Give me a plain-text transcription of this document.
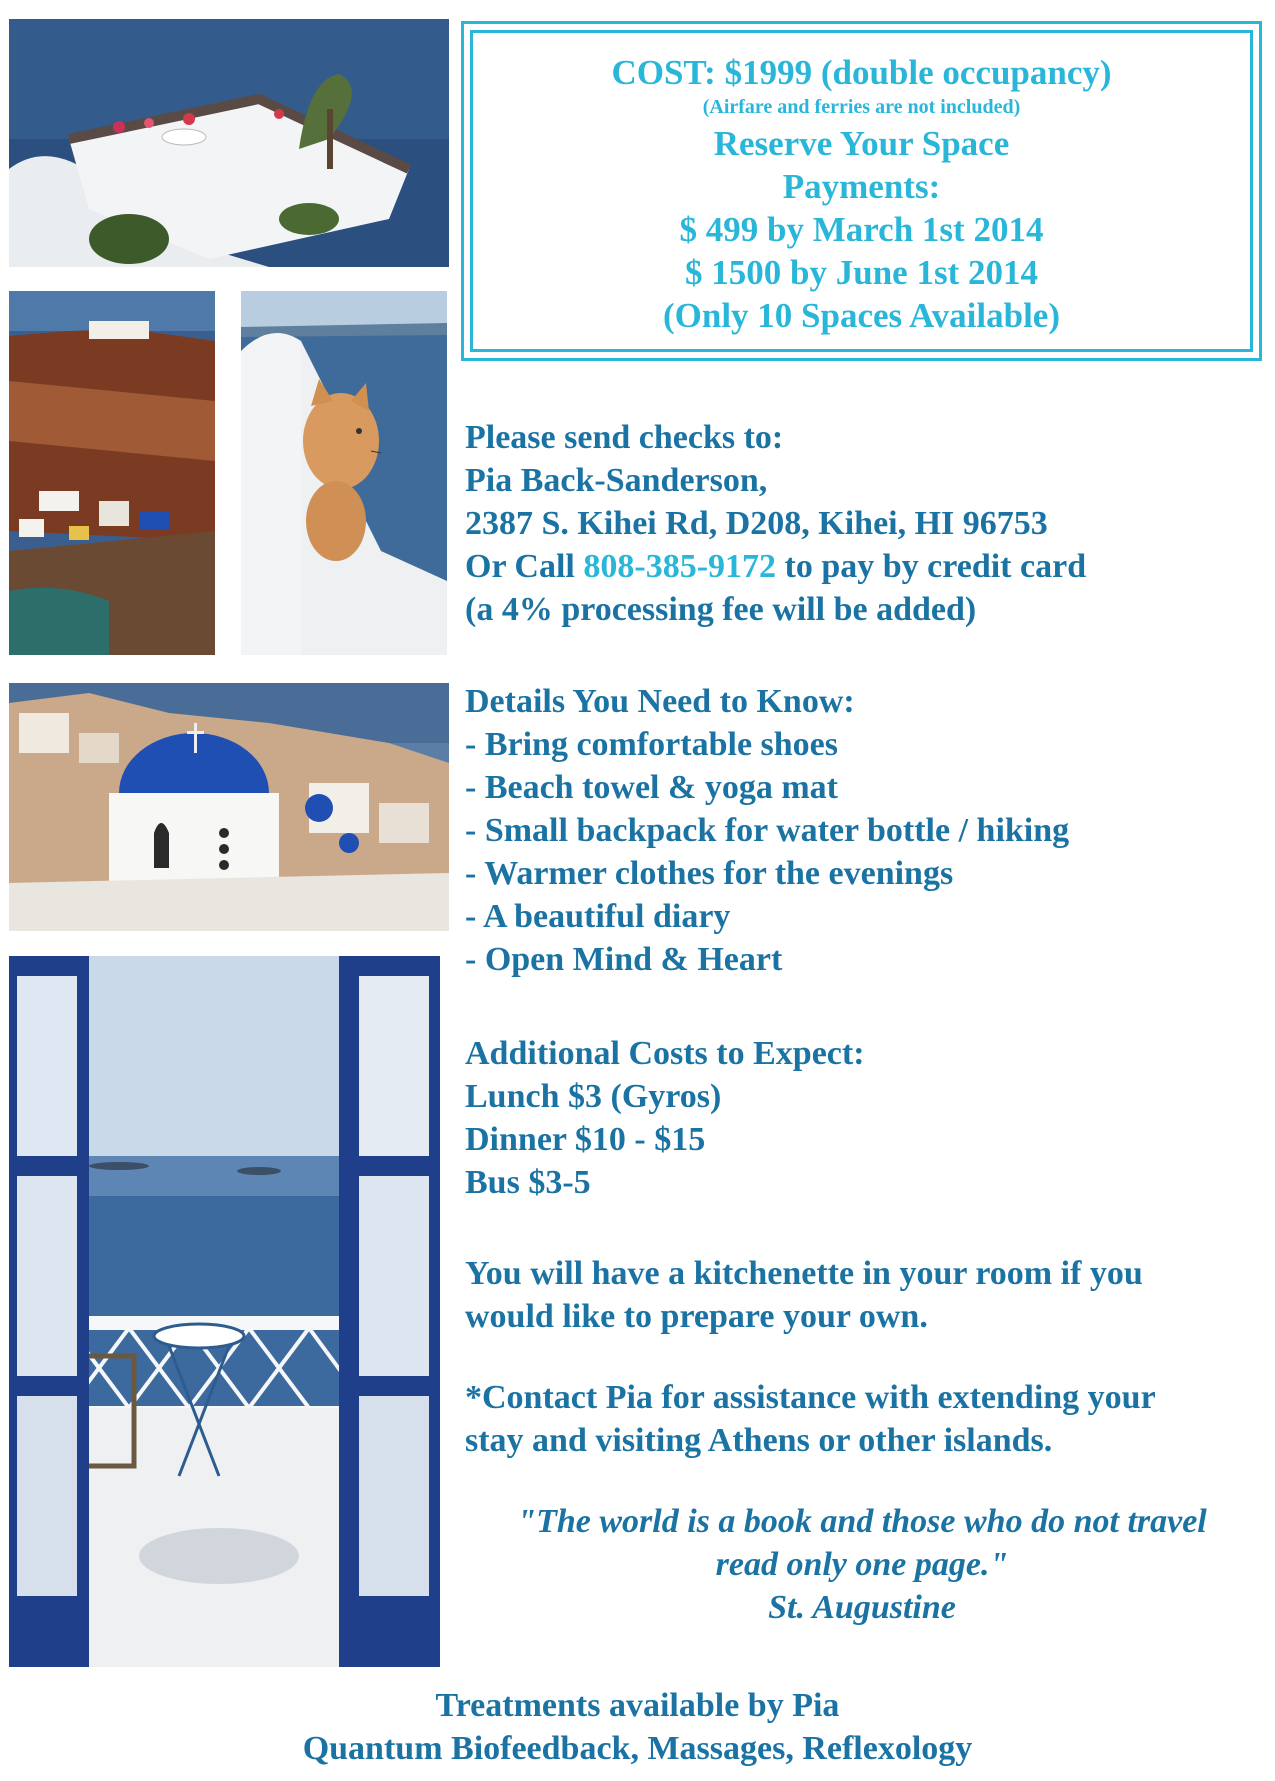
COST: $1999 (double occupancy)
(Airfare and ferries are not included)
Reserve Your Space
Payments:
$ 499 by March 1st 2014
$ 1500 by June 1st 2014
(Only 10 Spaces Available)
Please send checks to:
Pia Back-Sanderson,
2387 S. Kihei Rd, D208, Kihei, HI 96753
Or Call 808-385-9172 to pay by credit card
(a 4% processing fee will be added)
Details You Need to Know:
- Bring comfortable shoes
- Beach towel & yoga mat
- Small backpack for water bottle / hiking
- Warmer clothes for the evenings
- A beautiful diary
- Open Mind & Heart
Additional Costs to Expect:
Lunch $3 (Gyros)
Dinner $10 - $15
Bus $3-5
You will have a kitchenette in your room if you
would like to prepare your own.
*Contact Pia for assistance with extending your
stay and visiting Athens or other islands.
"The world is a book and those who do not travel
read only one page."
St. Augustine
Treatments available by Pia
Quantum Biofeedback, Massages, Reflexology
